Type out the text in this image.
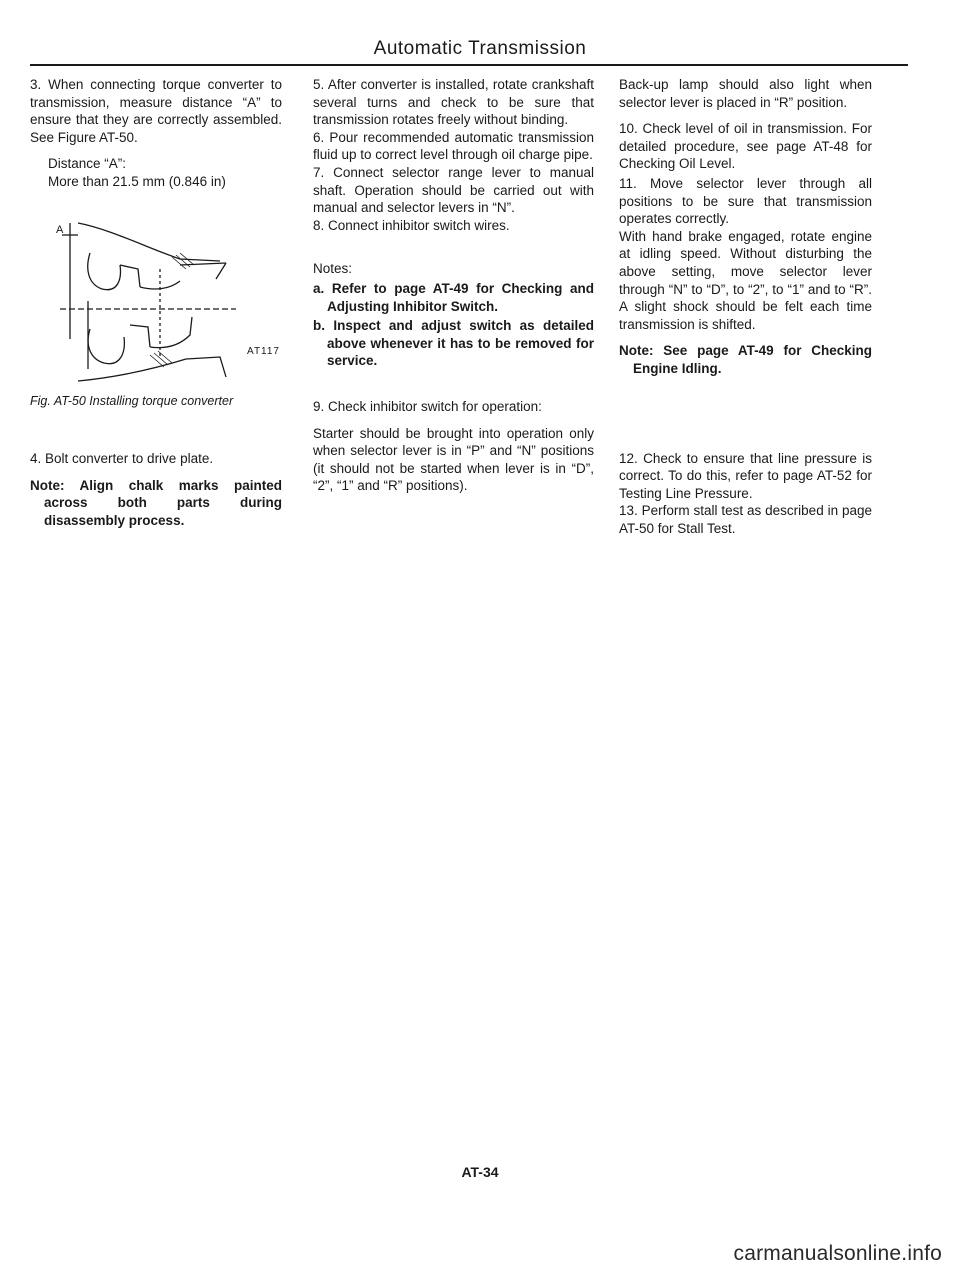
Automatic Transmission

3. When connecting torque converter to transmission, measure distance “A” to ensure that they are correctly assembled. See Figure AT-50.

Distance “A”:

More than 21.5 mm (0.846 in)

A
AT117

Fig. AT-50 Installing torque converter

4. Bolt converter to drive plate.

Note: Align chalk marks painted across both parts during disassembly process.

5. After converter is installed, rotate crankshaft several turns and check to be sure that transmission rotates freely without binding.

6. Pour recommended automatic transmission fluid up to correct level through oil charge pipe.

7. Connect selector range lever to manual shaft. Operation should be carried out with manual and selector levers in “N”.

8. Connect inhibitor switch wires.

Notes:

a. Refer to page AT-49 for Checking and Adjusting Inhibitor Switch.

b. Inspect and adjust switch as detailed above whenever it has to be removed for service.

9. Check inhibitor switch for operation:

Starter should be brought into operation only when selector lever is in “P” and “N” positions (it should not be started when lever is in “D”, “2”, “1” and “R” positions).

Back-up lamp should also light when selector lever is placed in “R” position.

10. Check level of oil in transmission. For detailed procedure, see page AT-48 for Checking Oil Level.

11. Move selector lever through all positions to be sure that transmission operates correctly.

With hand brake engaged, rotate engine at idling speed. Without disturbing the above setting, move selector lever through “N” to “D”, to “2”, to “1” and to “R”. A slight shock should be felt each time transmission is shifted.

Note: See page AT-49 for Checking Engine Idling.

12. Check to ensure that line pressure is correct. To do this, refer to page AT-52 for Testing Line Pressure.

13. Perform stall test as described in page AT-50 for Stall Test.

AT-34
carmanualsonline.info
